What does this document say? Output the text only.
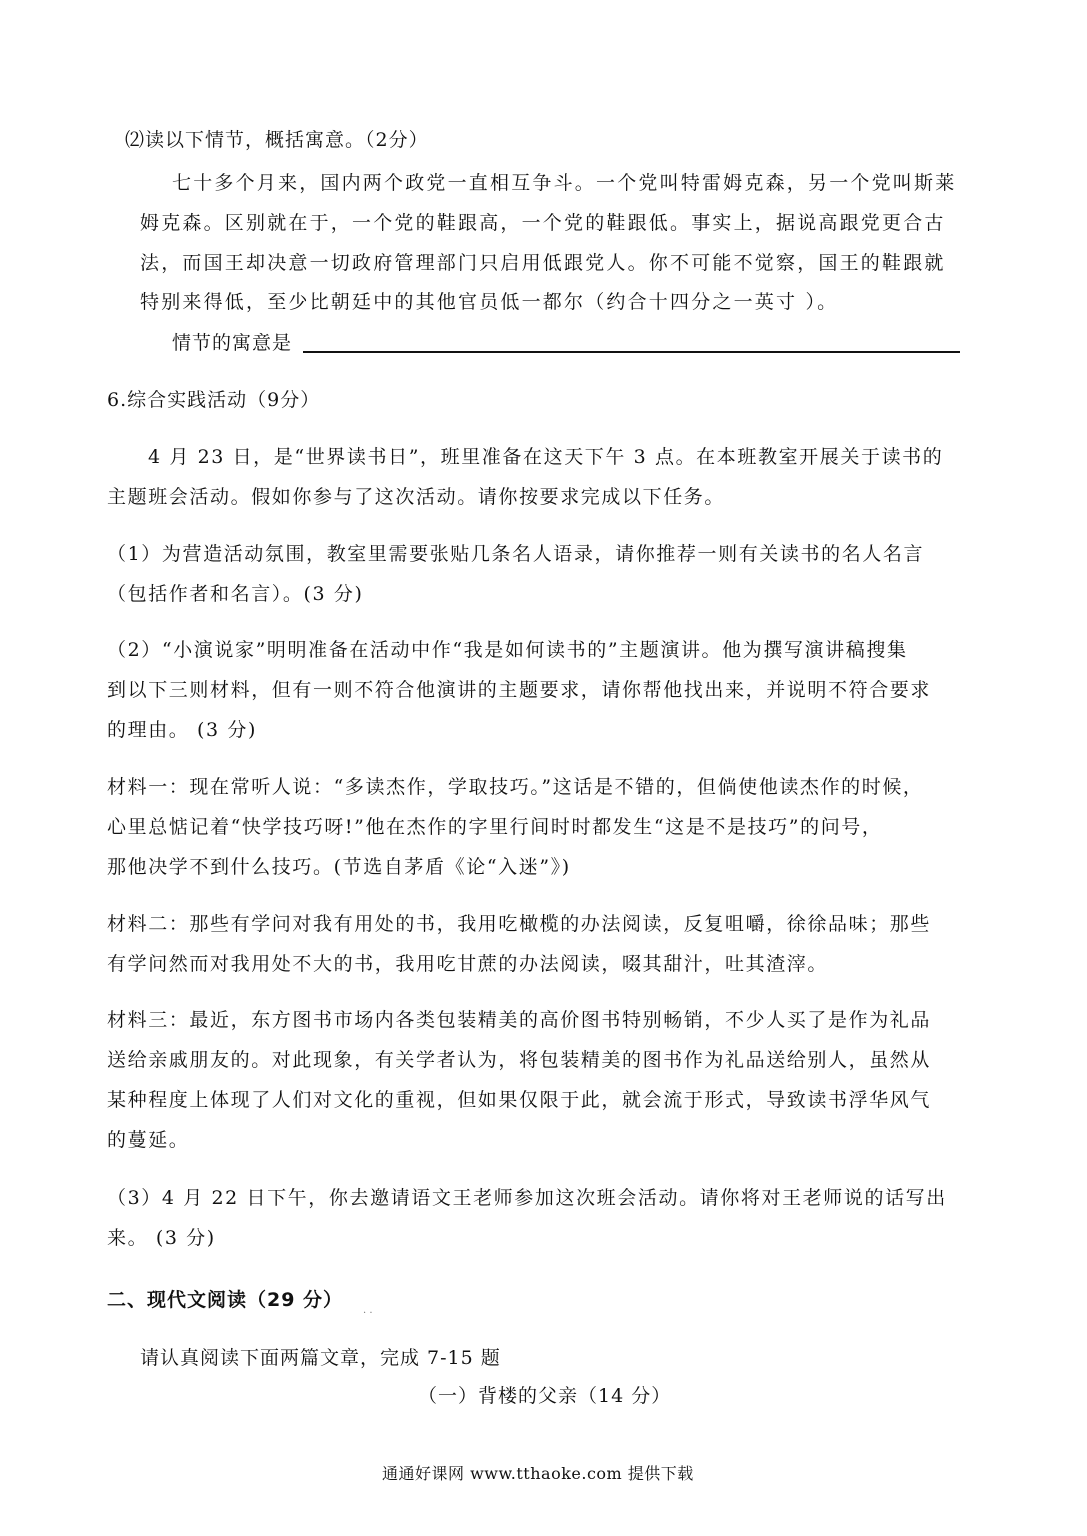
⑵读以下情节，概括寓意。（2分）
七十多个月来，国内两个政党一直相互争斗。一个党叫特雷姆克森，另一个党叫斯莱
姆克森。区别就在于，一个党的鞋跟高，一个党的鞋跟低。事实上，据说高跟党更合古
法，而国王却决意一切政府管理部门只启用低跟党人。你不可能不觉察，国王的鞋跟就
特别来得低，至少比朝廷中的其他官员低一都尔（约合十四分之一英寸 ）。
情节的寓意是
6.综合实践活动（9分）
4 月 23 日，是“世界读书日”，班里准备在这天下午 3 点。在本班教室开展关于读书的
主题班会活动。假如你参与了这次活动。请你按要求完成以下任务。
（1）为营造活动氛围，教室里需要张贴几条名人语录，请你推荐一则有关读书的名人名言
（包括作者和名言）。(3 分)
（2）“小演说家”明明准备在活动中作“我是如何读书的”主题演讲。他为撰写演讲稿搜集
到以下三则材料，但有一则不符合他演讲的主题要求，请你帮他找出来，并说明不符合要求
的理由。 (3 分)
材料一：现在常听人说：“多读杰作，学取技巧。”这话是不错的，但倘使他读杰作的时候，
心里总惦记着“快学技巧呀!”他在杰作的字里行间时时都发生“这是不是技巧”的问号，
那他决学不到什么技巧。(节选自茅盾《论“入迷”》)
材料二：那些有学问对我有用处的书，我用吃橄榄的办法阅读，反复咀嚼，徐徐品味；那些
有学问然而对我用处不大的书，我用吃甘蔗的办法阅读，啜其甜汁，吐其渣滓。
材料三：最近，东方图书市场内各类包装精美的高价图书特别畅销，不少人买了是作为礼品
送给亲戚朋友的。对此现象，有关学者认为，将包装精美的图书作为礼品送给别人，虽然从
某种程度上体现了人们对文化的重视，但如果仅限于此，就会流于形式，导致读书浮华风气
的蔓延。
（3）4 月 22 日下午，你去邀请语文王老师参加这次班会活动。请你将对王老师说的话写出
来。 (3 分)
二、现代文阅读（29 分） . .
请认真阅读下面两篇文章，完成 7-15 题
（一）背楼的父亲（14 分）
通通好课网 www.tthaoke.com 提供下载
